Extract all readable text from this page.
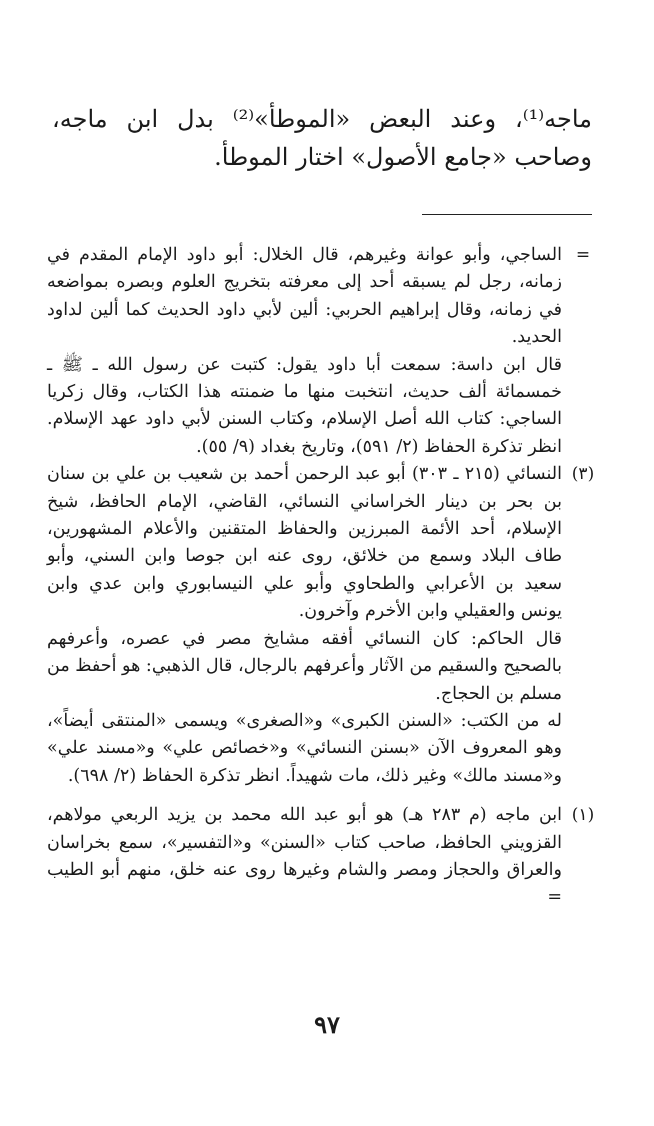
ماجه⁽¹⁾، وعند البعض «الموطأ»⁽²⁾ بدل ابن ماجه، وصاحب «جامع الأصول» اختار الموطأ.

=

الساجي، وأبو عوانة وغيرهم، قال الخلال: أبو داود الإمام المقدم في زمانه، رجل لم يسبقه أحد إلى معرفته بتخريج العلوم وبصره بمواضعه في زمانه، وقال إبراهيم الحربي: ألين لأبي داود الحديث كما ألين لداود الحديد.

قال ابن داسة: سمعت أبا داود يقول: كتبت عن رسول الله ـ ﷺ ـ خمسمائة ألف حديث، انتخبت منها ما ضمنته هذا الكتاب، وقال زكريا الساجي: كتاب الله أصل الإسلام، وكتاب السنن لأبي داود عهد الإسلام. انظر تذكرة الحفاظ (٢/ ٥٩١)، وتاريخ بغداد (٩/ ٥٥).

(٣)

النسائي (٢١٥ ـ ٣٠٣) أبو عبد الرحمن أحمد بن شعيب بن علي بن سنان بن بحر بن دينار الخراساني النسائي، القاضي، الإمام الحافظ، شيخ الإسلام، أحد الأئمة المبرزين والحفاظ المتقنين والأعلام المشهورين، طاف البلاد وسمع من خلائق، روى عنه ابن جوصا وابن السني، وأبو سعيد بن الأعرابي والطحاوي وأبو علي النيسابوري وابن عدي وابن يونس والعقيلي وابن الأخرم وآخرون.

قال الحاكم: كان النسائي أفقه مشايخ مصر في عصره، وأعرفهم بالصحيح والسقيم من الآثار وأعرفهم بالرجال، قال الذهبي: هو أحفظ من مسلم بن الحجاج.

له من الكتب: «السنن الكبرى» و«الصغرى» ويسمى «المنتقى أيضاً»، وهو المعروف الآن «بسنن النسائي» و«خصائص علي» و«مسند علي» و«مسند مالك» وغير ذلك، مات شهيداً. انظر تذكرة الحفاظ (٢/ ٦٩٨).

(١)

ابن ماجه (م ٢٨٣ هـ) هو أبو عبد الله محمد بن يزيد الربعي مولاهم، القزويني الحافظ، صاحب كتاب «السنن» و«التفسير»، سمع بخراسان والعراق والحجاز ومصر والشام وغيرها روى عنه خلق، منهم أبو الطيب =

٩٧
